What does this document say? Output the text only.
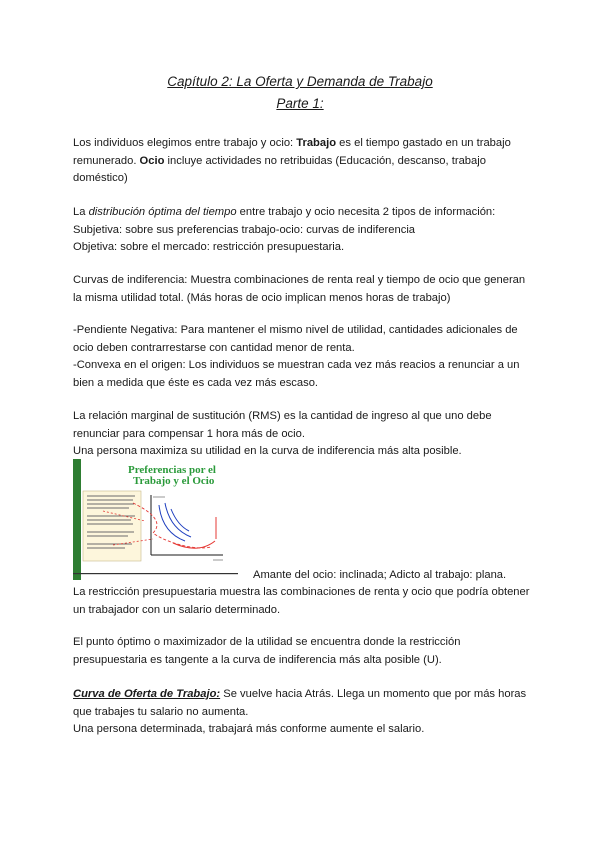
Capítulo 2: La Oferta y Demanda de Trabajo
Parte 1:
Los individuos elegimos entre trabajo y ocio: Trabajo es el tiempo gastado en un trabajo
remunerado. Ocio incluye actividades no retribuidas (Educación, descanso, trabajo
doméstico)
La distribución óptima del tiempo entre trabajo y ocio necesita 2 tipos de información:
Subjetiva: sobre sus preferencias trabajo-ocio: curvas de indiferencia
Objetiva: sobre el mercado: restricción presupuestaria.
Curvas de indiferencia: Muestra combinaciones de renta real y tiempo de ocio que generan
la misma utilidad total. (Más horas de ocio implican menos horas de trabajo)
-Pendiente Negativa: Para mantener el mismo nivel de utilidad, cantidades adicionales de
ocio deben contrarrestarse con cantidad menor de renta.
-Convexa en el origen: Los individuos se muestran cada vez más reacios a renunciar a un
bien a medida que éste es cada vez más escaso.
La relación marginal de sustitución (RMS) es la cantidad de ingreso al que uno debe
renunciar para compensar 1 hora más de ocio.
Una persona maximiza su utilidad en la curva de indiferencia más alta posible.
Preferencias por el
Trabajo y el Ocio
Amante del ocio: inclinada; Adicto al trabajo: plana.
La restricción presupuestaria muestra las combinaciones de renta y ocio que podría obtener
un trabajador con un salario determinado.
El punto óptimo o maximizador de la utilidad se encuentra donde la restricción
presupuestaria es tangente a la curva de indiferencia más alta posible (U).
Curva de Oferta de Trabajo: Se vuelve hacia Atrás. Llega un momento que por más horas
que trabajes tu salario no aumenta.
Una persona determinada, trabajará más conforme aumente el salario.
